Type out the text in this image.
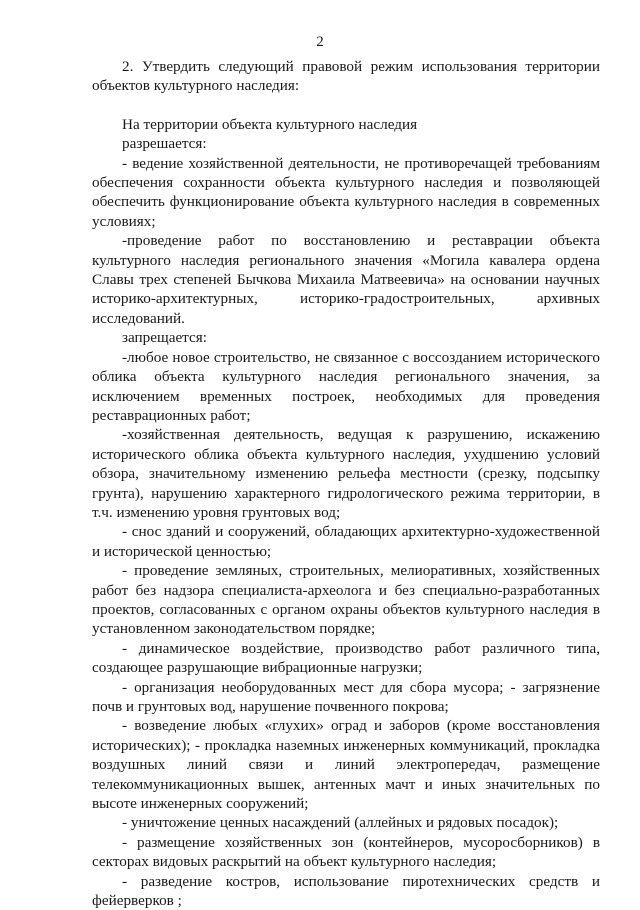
2

2. Утвердить следующий правовой режим использования территории объектов культурного наследия:

На территории объекта культурного наследия

разрешается:

- ведение хозяйственной деятельности, не противоречащей требованиям обеспечения сохранности объекта культурного наследия и позволяющей обеспечить функционирование объекта культурного наследия в современных условиях;

-проведение работ по восстановлению и реставрации объекта культурного наследия регионального значения «Могила кавалера ордена Славы трех степеней Бычкова Михаила Матвеевича» на основании научных историко-архитектурных, историко-градостроительных, архивных исследований.

запрещается:

-любое новое строительство, не связанное с воссозданием исторического облика объекта культурного наследия регионального значения, за исключением временных построек, необходимых для проведения реставрационных работ;

-хозяйственная деятельность, ведущая к разрушению, искажению исторического облика объекта культурного наследия, ухудшению условий обзора, значительному изменению рельефа местности (срезку, подсыпку грунта), нарушению характерного гидрологического режима территории, в т.ч. изменению уровня грунтовых вод;

- снос зданий и сооружений, обладающих архитектурно-художественной и исторической ценностью;

- проведение земляных, строительных, мелиоративных, хозяйственных работ без надзора специалиста-археолога и без специально-разработанных проектов, согласованных с органом охраны объектов культурного наследия в установленном законодательством порядке;

- динамическое воздействие, производство работ различного типа, создающее разрушающие вибрационные нагрузки;

- организация необорудованных мест для сбора мусора; - загрязнение почв и грунтовых вод, нарушение почвенного покрова;

- возведение любых «глухих» оград и заборов (кроме восстановления исторических); - прокладка наземных инженерных коммуникаций, прокладка воздушных линий связи и линий электропередач, размещение телекоммуникационных вышек, антенных мачт и иных значительных по высоте инженерных сооружений;

- уничтожение ценных насаждений (аллейных и рядовых посадок);

- размещение хозяйственных зон (контейнеров, мусоросборников) в секторах видовых раскрытий на объект культурного наследия;

- разведение костров, использование пиротехнических средств и фейерверков ;
